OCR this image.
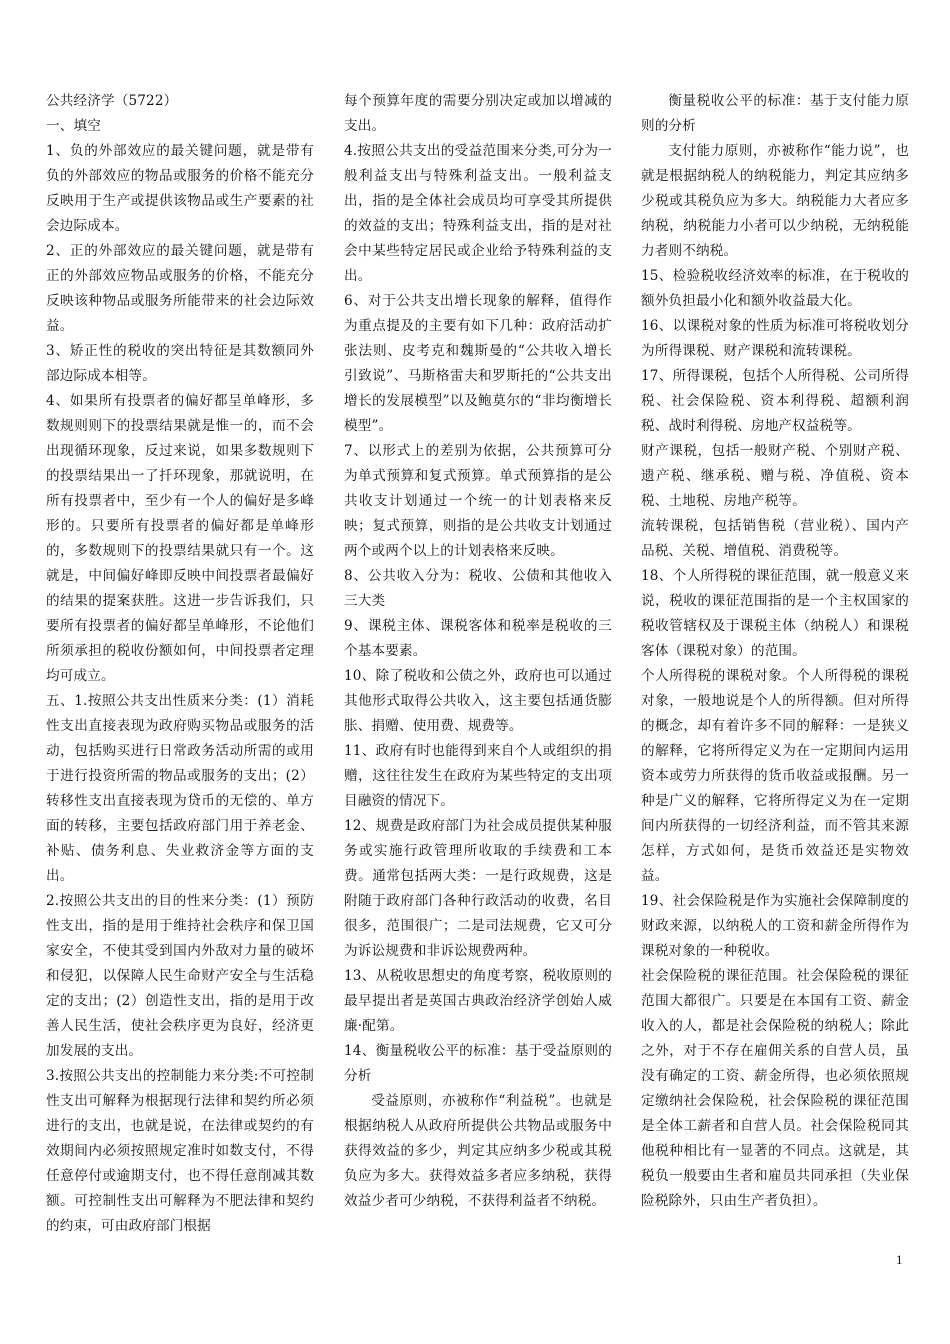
公共经济学（5722）

一、填空

1、负的外部效应的最关键问题，就是带有负的外部效应的物品或服务的价格不能充分反映用于生产或提供该物品或生产要素的社会边际成本。

2、正的外部效应的最关键问题，就是带有正的外部效应物品或服务的价格，不能充分反映该种物品或服务所能带来的社会边际效益。

3、矫正性的税收的突出特征是其数额同外部边际成本相等。

4、如果所有投票者的偏好都呈单峰形，多数规则则下的投票结果就是惟一的，而不会出现循环现象，反过来说，如果多数规则下的投票结果出一了扦环现象，那就说明，在所有投票者中，至少有一个人的偏好是多峰形的。只要所有投票者的偏好都是单峰形的，多数规则下的投票结果就只有一个。这就是，中间偏好峰即反映中间投票者最偏好的结果的提案获胜。这进一步告诉我们，只要所有投票者的偏好都呈单峰形，不论他们所须承担的税收份额如何，中间投票者定理均可成立。

五、1.按照公共支出性质来分类：(1）消耗性支出直接表现为政府购买物品或服务的活动，包括购买进行日常政务活动所需的或用于进行投资所需的物品或服务的支出；(2）转移性支出直接表现为贷币的无偿的、单方面的转移，主要包括政府部门用于养老金、补贴、债务利息、失业救济金等方面的支出。

2.按照公共支出的目的性来分类：(1）预防性支出，指的是用于维持社会秩序和保卫国家安全，不使其受到国内外敌对力量的破坏和侵犯，以保障人民生命财产安全与生活稳定的支出；(2）创造性支出，指的是用于改善人民生活，使社会秩序更为良好，经济更加发展的支出。

3.按照公共支出的控制能力来分类:不可控制性支出可解释为根据现行法律和契约所必须进行的支出，也就是说，在法律或契约的有效期间内必须按照规定准时如数支付，不得任意停付或逾期支付，也不得任意削减其数额。可控制性支出可解释为不肥法律和契约的约束，可由政府部门根据

每个预算年度的需要分别决定或加以增减的支出。

4.按照公共支出的受益范围来分类,可分为一般利益支出与特殊利益支出。一般利益支出，指的是全体社会成员均可享受其所提供的效益的支出；特殊利益支出，指的是对社会中某些特定居民或企业给予特殊利益的支出。

6、对于公共支出增长现象的解释，值得作为重点提及的主要有如下几种：政府活动扩张法则、皮考克和魏斯曼的“公共收入增长引致说”、马斯格雷夫和罗斯托的“公共支出增长的发展模型”以及鲍莫尔的“非均衡增长模型”。

7、以形式上的差别为依据，公共预算可分为单式预算和复式预算。单式预算指的是公共收支计划通过一个统一的计划表格来反映；复式预算，则指的是公共收支计划通过两个或两个以上的计划表格来反映。

8、公共收入分为：税收、公债和其他收入三大类

9、课税主体、课税客体和税率是税收的三个基本要素。

10、除了税收和公债之外，政府也可以通过其他形式取得公共收入，这主要包括通货膨胀、捐赠、使用费、规费等。

11、政府有时也能得到来自个人或组织的捐赠，这往往发生在政府为某些特定的支出项目融资的情况下。

12、规费是政府部门为社会成员提供某种服务或实施行政管理所收取的手续费和工本费。通常包括两大类：一是行政规费，这是附随于政府部门各种行政活动的收费，名目很多，范围很广；二是司法规费，它又可分为诉讼规费和非诉讼规费两种。

13、从税收思想史的角度考察，税收原则的最早提出者是英国古典政治经济学创始人威廉·配第。

14、衡量税收公平的标准：基于受益原则的分析

受益原则，亦被称作“利益税”。也就是根据纳税人从政府所提供公共物品或服务中获得效益的多少，判定其应纳多少税或其税负应为多大。获得效益多者应多纳税，获得效益少者可少纳税，不获得利益者不纳税。

衡量税收公平的标准：基于支付能力原则的分析

支付能力原则，亦被称作“能力说”，也就是根据纳税人的纳税能力，判定其应纳多少税或其税负应为多大。纳税能力大者应多纳税，纳税能力小者可以少纳税，无纳税能力者则不纳税。

15、检验税收经济效率的标准，在于税收的额外负担最小化和额外收益最大化。

16、以课税对象的性质为标准可将税收划分为所得课税、财产课税和流转课税。

17、所得课税，包括个人所得税、公司所得税、社会保险税、资本利得税、超额利润税、战时利得税、房地产权益税等。

财产课税，包括一般财产税、个别财产税、遗产税、继承税、赠与税、净值税、资本税、土地税、房地产税等。

流转课税，包括销售税（营业税）、国内产品税、关税、增值税、消费税等。

18、个人所得税的课征范围，就一般意义来说，税收的课征范围指的是一个主权国家的税收管辖权及于课税主体（纳税人）和课税客体（课税对象）的范围。

个人所得税的课税对象。个人所得税的课税对象，一般地说是个人的所得额。但对所得的概念，却有着许多不同的解释：一是狭义的解释，它将所得定义为在一定期间内运用资本或劳力所获得的货币收益或报酬。另一种是广义的解释，它将所得定义为在一定期间内所获得的一切经济利益，而不管其来源怎样，方式如何，是货币效益还是实物效益。

19、社会保险税是作为实施社会保障制度的财政来源，以纳税人的工资和薪金所得作为课税对象的一种税收。

社会保险税的课征范围。社会保险税的课征范围大都很广。只要是在本国有工资、薪金收入的人，都是社会保险税的纳税人；除此之外，对于不存在雇佣关系的自营人员，虽没有确定的工资、薪金所得，也必须依照规定缴纳社会保险税，社会保险税的课征范围是全体工薪者和自营人员。社会保险税同其他税种相比有一显著的不同点。这就是，其税负一般要由生者和雇员共同承担（失业保险税除外，只由生产者负担）。

1
